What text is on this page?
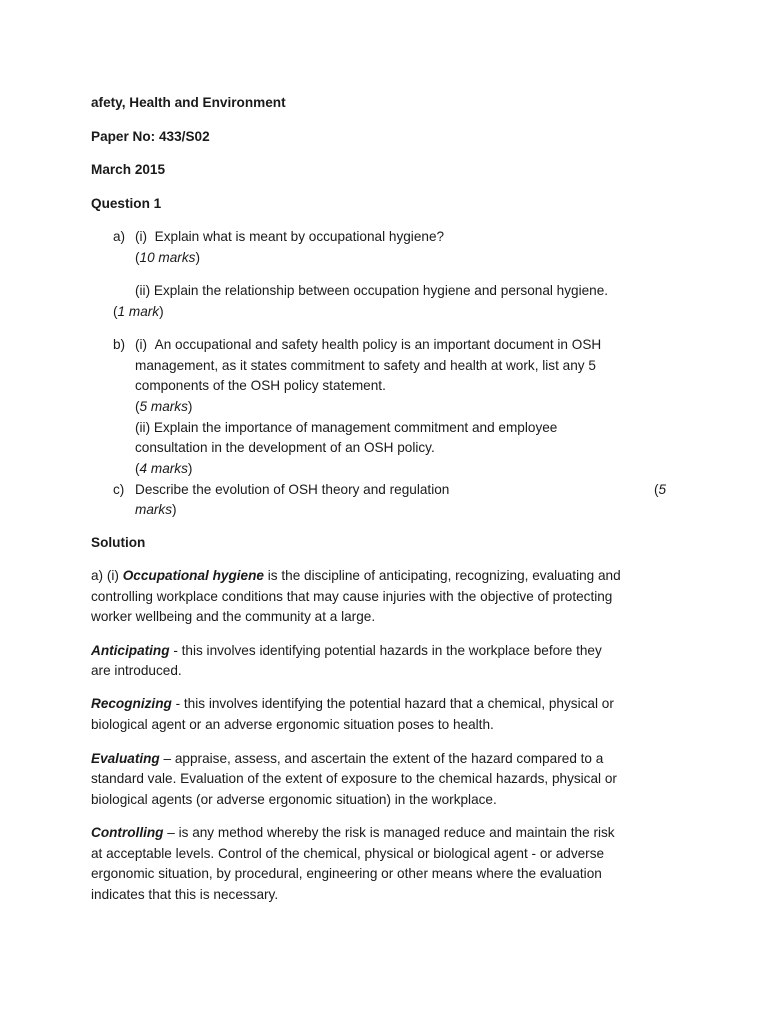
afety, Health and Environment
Paper No: 433/S02
March 2015
Question 1
a) (i) Explain what is meant by occupational hygiene?
(10 marks)
(ii) Explain the relationship between occupation hygiene and personal hygiene.
(1 mark)
b) (i) An occupational and safety health policy is an important document in OSH
management, as it states commitment to safety and health at work, list any 5
components of the OSH policy statement.
(5 marks)
(ii) Explain the importance of management commitment and employee
consultation in the development of an OSH policy.
(4 marks)
c) Describe the evolution of OSH theory and regulation	(5
marks)
Solution
a) (i) Occupational hygiene is the discipline of anticipating, recognizing, evaluating and
controlling workplace conditions that may cause injuries with the objective of protecting
worker wellbeing and the community at a large.
Anticipating - this involves identifying potential hazards in the workplace before they
are introduced.
Recognizing - this involves identifying the potential hazard that a chemical, physical or
biological agent or an adverse ergonomic situation poses to health.
Evaluating – appraise, assess, and ascertain the extent of the hazard compared to a
standard vale. Evaluation of the extent of exposure to the chemical hazards, physical or
biological agents (or adverse ergonomic situation) in the workplace.
Controlling – is any method whereby the risk is managed reduce and maintain the risk
at acceptable levels. Control of the chemical, physical or biological agent - or adverse
ergonomic situation, by procedural, engineering or other means where the evaluation
indicates that this is necessary.
